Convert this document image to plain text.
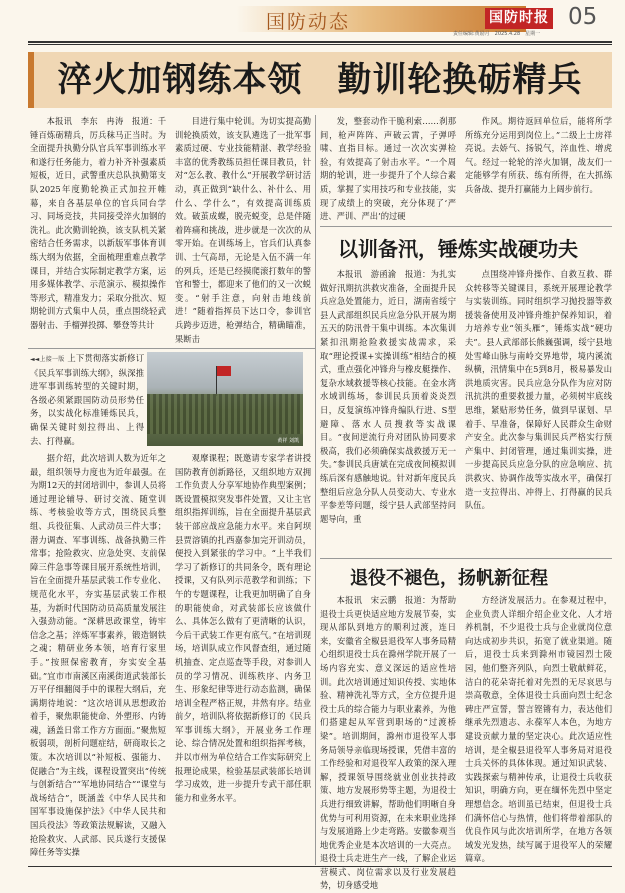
国防动态	国防时报 05
责任编辑:黄励月　2025.4.28　星期一
淬火加钢练本领　勤训轮换砺精兵

本报讯　李东　冉涛　报道：千锤百炼砺精兵，厉兵秣马正当时。为全面提升执勤分队官兵军事训练水平和遂行任务能力，着力补齐补强素质短板，近日，武警重庆总队执勤第支队2025年度勤轮换正式加拉开帷幕，来自各基层单位的官兵同台学习、同场竞技，共同接受淬火加钢的洗礼。此次勤训轮换，该支队机关紧密结合任务需求，以新版军事体育训练大纲为依据，全面梳理重难点教学课目，并结合实际制定教学方案，运用多媒体教学、示范演示、模拟操作等形式，精准发力；采取分批次、短期轮训方式集中人员，重点围绕轻武器射击、手榴弹投掷、攀登等共计

目进行集中轮训。为切实提高勤训轮换质效，该支队遴选了一批军事素质过硬、专业技能精湛、教学经验丰富的优秀教练员担任课目教员，针对“怎么教、教什么”开展教学研讨活动，真正做到“缺什么、补什么、用什么、学什么”，有效提高训练质效。破茧成蝶，脱壳蜕变，总是伴随着阵痛和挑战，进步就是一次次的从零开始。在训练场上，官兵们认真参训、士气高昂，无论是入伍不满一年的列兵，还是已经摸爬滚打数年的警官和警士，都迎来了他们的又一次蜕变。“射手注意，向射击地线前进！”随着指挥员下达口令，参训官兵跨步迈进，枪弹结合，精确瞄准，果断击

发，整套动作干脆利索……刹那间，枪声阵阵、声破云霄，子弹呼啸、直指目标。通过一次次实弹检验，有效提高了射击水平。“一个周期的轮训，进一步提升了个人综合素质，掌握了实用技巧和专业技能，实现了成绩上的突破，充分体现了‘严进、严训、严出’的过硬

作风。期待返回单位后，能将所学所练充分运用到岗位上。”二级上士房祥亮说。去娇气、扬锐气，淬血性、增虎气。经过一轮轮的淬火加钢，战友们一定能够学有所获、练有所得，在大抓练兵备战、提升打赢能力上阔步前行。

以训备汛，锤炼实战硬功夫

本报讯　游函渝　报道：为扎实做好汛期抗洪救灾准备，全面提升民兵应急处置能力，近日，湖南省绥宁县人武部组织民兵应急分队开展为期五天的防汛骨干集中训练。本次集训紧扣汛期抢险救援实战需求，采取“理论授课+实操训练”相结合的模式，重点强化冲锋舟与橡皮艇操作、复杂水域救援等核心技能。在金水湾水域训练场，参训民兵顶着炎炎烈日，反复演练冲锋舟编队行进、S型避障、落水人员搜救等实战课目。“夜间逆流行舟对团队协同要求极高，我们必须确保实战救援万无一失。”参训民兵唐斌在完成夜间模拟训练后深有感触地说。针对新年度民兵整组后应急分队人员变动大、专业水平参差等问题，绥宁县人武部坚持问题导向，重

点围绕冲锋舟操作、自救互救、群众转移等关键课目，系统开展理论教学与实装训练。同时组织学习抛投器等救援装备使用及冲锋舟维护保养知识，着力培养专业“领头雁”，锤炼实战“硬功夫”。县人武部部长熊巍强调，绥宁县地处雪峰山脉与南岭交界地带，境内溪流纵横，汛情集中在5到8月，极易暴发山洪地质灾害。民兵应急分队作为应对防汛抗洪的重要救援力量，必须树牢底线思维，紧贴形势任务，做到早谋划、早着手、早准备，保障好人民群众生命财产安全。此次参与集训民兵严格实行预产集中、封闭管理，通过集训实操，进一步提高民兵应急分队的应急响应、抗洪救灾、协调作战等实战水平，确保打造一支拉得出、冲得上、打得赢的民兵队伍。

◄◄上接一版 上下贯彻落实新修订《民兵军事训练大纲》，纵深推进军事训练转型的关键时期，各级必须紧跟国防动员形势任务，以实战化标准锤炼民兵，确保关键时刻拉得出、上得去、打得赢。	黄祥 刘凯

据介绍，此次培训人数为近年之最，组织领导力度也为近年最强。在为期12天的封闭培训中，参训人员将通过理论辅导、研讨交流、随堂训练、考核验收等方式，围绕民兵整组、兵役征集、人武动员三件大事；潜力调查、军事训练、战备执勤三件常事；抢险救灾、应急处突、支前保障三件急事等课目展开系统性培训，旨在全面提升基层武装工作专业化、规范化水平，夯实基层武装工作根基，为新时代国防动员高质量发展注入强劲动能。“深耕思政课堂，铸牢信念之基；淬炼军事素养，锻造钢铁之魂；精研业务本领，培育行家里手。”按照保密教育，夯实安全基础。”宜市市南溪区南溪街道武装部长万平仔细翻阅手中的课程大纲后，充满期待地说：“这次培训从思想政治着手，聚焦职能使命、外塑形、内铸魂，涵盖日常工作方方面面。”聚焦短板弱项，剖析问题症结，研商取长之策。本次培训以“补短板、强能力、促融合”为主线，课程设置突出“传统与创新结合”“军地协同结合”“课堂与战场结合”，既涵盖《中华人民共和国军事设施保护法》《中华人民共和国兵役法》等政策法规解读，又融入抢险救灾、人武部、民兵遂行支援保障任务等实操

观摩课程；既邀请专家学者讲授国防教育创新路径，又组织地方双拥工作负责人分享军地协作典型案例；既设置模拟突发事件处置，又让主官组织指挥训练，旨在全面提升基层武装干部应战应急能力水平。来自阿坝县贾溶镇的扎西嘉参加完开训动员，便投入到紧张的学习中。“上半我们学习了新修订的共同条令，既有理论授课，又有队列示范教学和训练；下午的专题课程，让我更加明确了自身的职能使命，对武装部长应该做什么、具体怎么做有了更清晰的认识，今后干武装工作更有底气。”在培训现场，培训队成立作风督查组，通过随机抽查、定点巡查等手段，对参训人员的学习情况、训练秩序、内务卫生、形象纪律等进行动态监测，确保培训全程严格正规，井然有序。结业前夕，培训队将依据新修订的《民兵军事训练大纲》，开展业务工作理论、综合情况处置和组织指挥考核，并以市州为单位结合工作实际研究上报理论成果，检验基层武装部长培训学习成效，进一步提升专武干部任职能力和业务水平。

退役不褪色，扬帆新征程

本报讯　宋云鹏　报道：为帮助退役士兵更快适应地方发展节奏，实现从部队到地方的顺利过渡，连日来，安徽省全椒县退役军人事务局精心组织退役士兵在滁州学院开展了一场内容充实、意义深远的适应性培训。此次培训通过知识传授、实地体验、精神洗礼等方式，全方位提升退役士兵的综合能力与职业素养，为他们搭建起从军营到职场的“过渡桥梁”。培训期间，滁州市退役军人事务局领导亲临现场授课，凭借丰富的工作经验和对退役军人政策的深入理解，授课领导围绕就业创业扶持政策、地方发展形势等主题，为退役士兵进行细致讲解，帮助他们明晰自身优势与可利用资源，在未来职业选择与发展道路上少走弯路。安徽参观当地优秀企业是本次培训的一大亮点。退役士兵走进生产一线，了解企业运营模式、岗位需求以及行业发展趋势，切身感受地

方经济发展活力。在参观过程中，企业负责人详细介绍企业文化、人才培养机制，不少退役士兵与企业就岗位意向达成初步共识，拓宽了就业渠道。随后，退役士兵来到滁州市镜园烈士陵园，他们整齐列队，向烈士敬献鲜花，洁白的花朵寄托着对先烈的无尽哀思与崇高敬意，全体退役士兵面向烈士纪念碑庄严宣誓，誓言铿锵有力，表达他们继承先烈遗志、永葆军人本色，为地方建设贡献力量的坚定决心。此次适应性培训，是全椒县退役军人事务局对退役士兵关怀的具体体现。通过知识武装、实践探索与精神传承，让退役士兵收获知识，明确方向，更在缅怀先烈中坚定理想信念。培训虽已结束，但退役士兵们满怀信心与热情，他们将带着部队的优良作风与此次培训所学，在地方各领域发光发热，续写属于退役军人的荣耀篇章。
